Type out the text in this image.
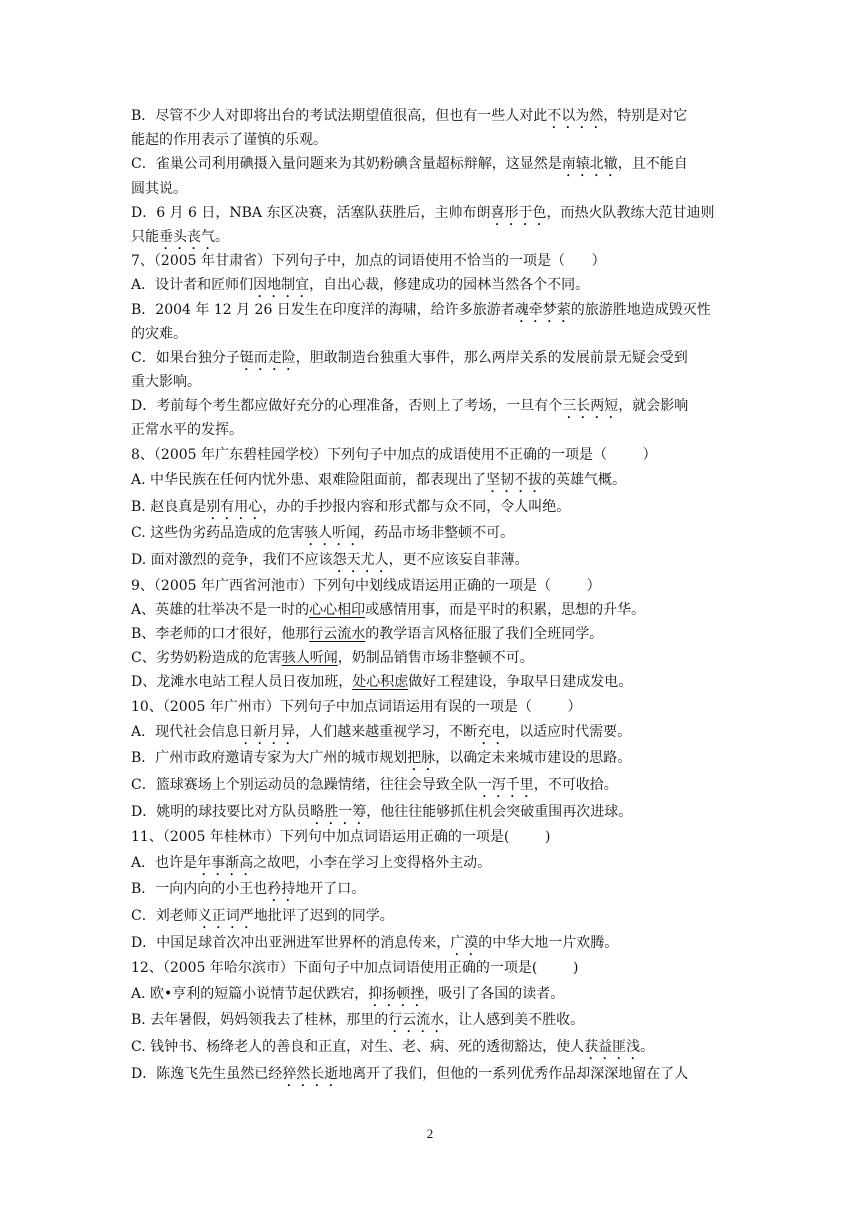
B．尽管不少人对即将出台的考试法期望值很高，但也有一些人对此不以为然，特别是对它
能起的作用表示了谨慎的乐观。
C．雀巢公司利用碘摄入量问题来为其奶粉碘含量超标辩解，这显然是南辕北辙，且不能自
圆其说。
D．6 月 6 日，NBA 东区决赛，活塞队获胜后，主帅布朗喜形于色，而热火队教练大范甘迪则
只能垂头丧气。
7、（2005 年甘肃省）下列句子中，加点的词语使用不恰当的一项是（      ）
A．设计者和匠师们因地制宜，自出心裁，修建成功的园林当然各个不同。
B．2004 年 12 月 26 日发生在印度洋的海啸，给许多旅游者魂牵梦萦的旅游胜地造成毁灭性
的灾难。
C．如果台独分子铤而走险，胆敢制造台独重大事件，那么两岸关系的发展前景无疑会受到
重大影响。
D．考前每个考生都应做好充分的心理准备，否则上了考场，一旦有个三长两短，就会影响
正常水平的发挥。
8、（2005 年广东碧桂园学校）下列句子中加点的成语使用不正确的一项是（        ）
A. 中华民族在任何内忧外患、艰难险阻面前，都表现出了坚韧不拔的英雄气概。
B. 赵良真是别有用心，办的手抄报内容和形式都与众不同，令人叫绝。
C. 这些伪劣药品造成的危害骇人听闻，药品市场非整顿不可。
D. 面对激烈的竞争，我们不应该怨天尤人，更不应该妄自菲薄。
9、（2005 年广西省河池市）下列句中划线成语运用正确的一项是（        ）
A、英雄的壮举决不是一时的心心相印或感情用事，而是平时的积累，思想的升华。
B、李老师的口才很好，他那行云流水的教学语言风格征服了我们全班同学。
C、劣势奶粉造成的危害骇人听闻，奶制品销售市场非整顿不可。
D、龙滩水电站工程人员日夜加班，处心积虑做好工程建设，争取早日建成发电。
10、（2005 年广州市）下列句子中加点词语运用有误的一项是（        ）
A．现代社会信息日新月异，人们越来越重视学习，不断充电，以适应时代需要。
B．广州市政府邀请专家为大广州的城市规划把脉，以确定未来城市建设的思路。
C．篮球赛场上个别运动员的急躁情绪，往往会导致全队一泻千里，不可收拾。
D．姚明的球技要比对方队员略胜一筹，他往往能够抓住机会突破重围再次进球。
11、（2005 年桂林市）下列句中加点词语运用正确的一项是(        )
A．也许是年事渐高之故吧，小李在学习上变得格外主动。
B．一向内向的小王也矜持地开了口。
C．刘老师义正词严地批评了迟到的同学。
D．中国足球首次冲出亚洲进军世界杯的消息传来，广漠的中华大地一片欢腾。
12、（2005 年哈尔滨市）下面句子中加点词语使用正确的一项是(        )
A. 欧•亨利的短篇小说情节起伏跌宕，抑扬顿挫，吸引了各国的读者。
B. 去年暑假，妈妈领我去了桂林，那里的行云流水，让人感到美不胜收。
C. 钱钟书、杨绛老人的善良和正直，对生、老、病、死的透彻豁达，使人获益匪浅。
D．陈逸飞先生虽然已经猝然长逝地离开了我们，但他的一系列优秀作品却深深地留在了人
2
